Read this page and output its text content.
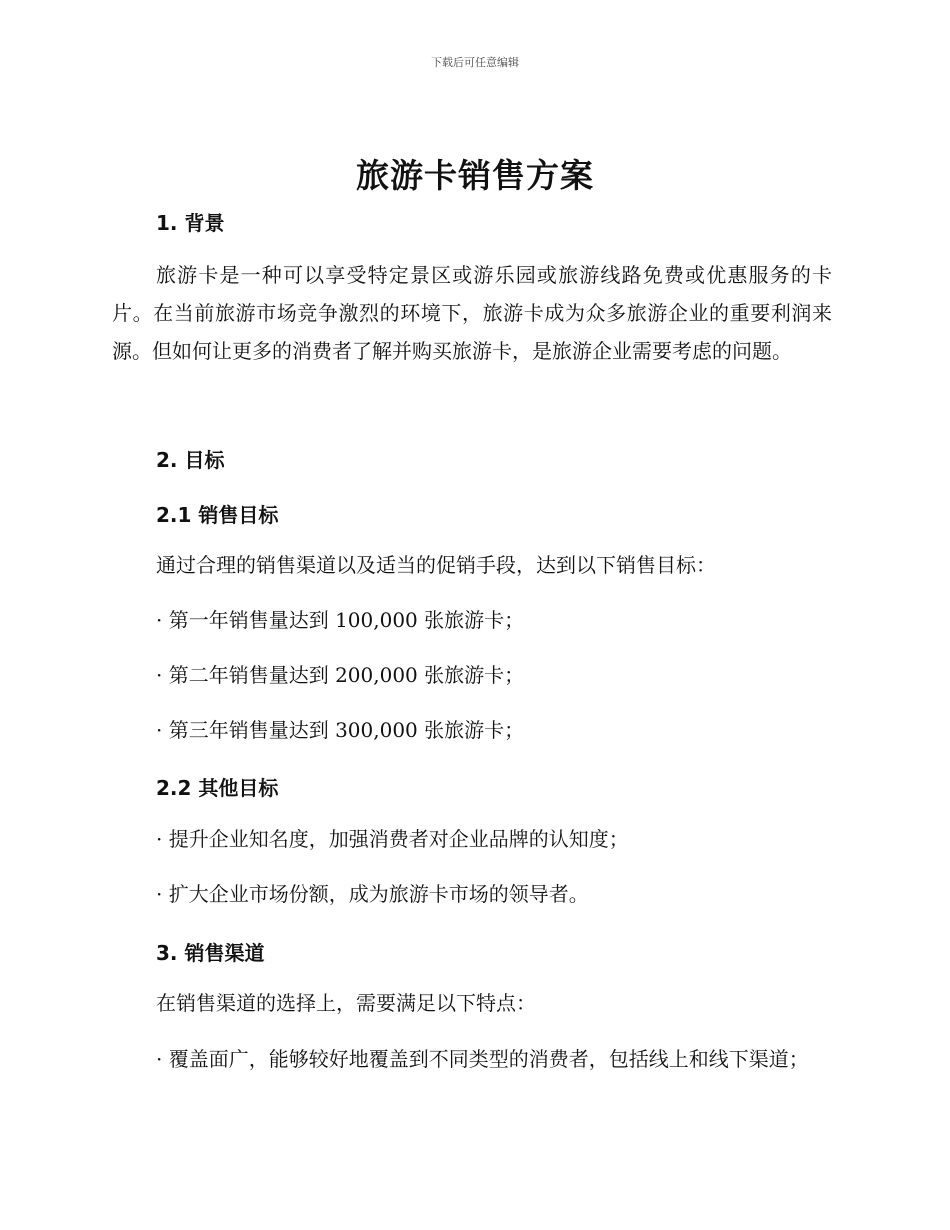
下载后可任意编辑
旅游卡销售方案
1. 背景

旅游卡是一种可以享受特定景区或游乐园或旅游线路免费或优惠服务的卡片。在当前旅游市场竞争激烈的环境下，旅游卡成为众多旅游企业的重要利润来源。但如何让更多的消费者了解并购买旅游卡，是旅游企业需要考虑的问题。

2. 目标
2.1 销售目标

通过合理的销售渠道以及适当的促销手段，达到以下销售目标：

· 第一年销售量达到 100,000 张旅游卡；

· 第二年销售量达到 200,000 张旅游卡；

· 第三年销售量达到 300,000 张旅游卡；

2.2 其他目标

· 提升企业知名度，加强消费者对企业品牌的认知度；

· 扩大企业市场份额，成为旅游卡市场的领导者。

3. 销售渠道

在销售渠道的选择上，需要满足以下特点：

· 覆盖面广，能够较好地覆盖到不同类型的消费者，包括线上和线下渠道；
